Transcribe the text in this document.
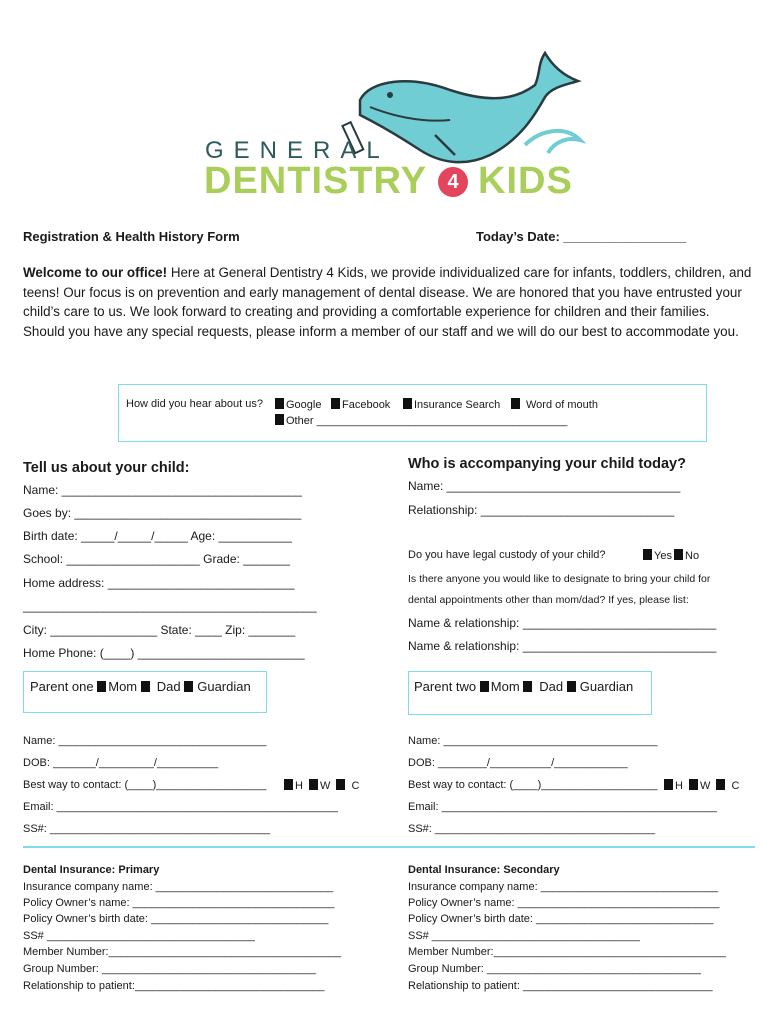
GENERAL
DENTISTRY	4 KIDS
Registration & Health History Form	Today’s Date: _________________
Welcome to our office! Here at General Dentistry 4 Kids, we provide individualized care for infants, toddlers, children, and teens! Our focus is on prevention and early management of dental disease. We are honored that you have entrusted your child’s care to us. We look forward to creating and providing a comfortable experience for children and their families. Should you have any special requests, please inform a member of our staff and we will do our best to accommodate you.
How did you hear about us?	Google	Facebook	Insurance Search	Word of mouth
Other _________________________________________
Tell us about your child:
Name: ____________________________________
Goes by: __________________________________
Birth date: _____/_____/_____ Age: ___________
School: ____________________ Grade: _______
Home address: ____________________________
____________________________________________
City: ________________ State: ____ Zip: _______
Home Phone: (____) _________________________
Who is accompanying your child today?
Name: ___________________________________
Relationship: _____________________________
Do you have legal custody of your child?	Yes	No
Is there anyone you would like to designate to bring your child for
dental appointments other than mom/dad? If yes, please list:
Name & relationship: _____________________________
Name & relationship: _____________________________
Parent one Mom Dad Guardian	Parent two Mom Dad Guardian
Name: __________________________________
DOB: _______/_________/__________
Best way to contact: (____)__________________	H W C
Email: ______________________________________________
SS#: ____________________________________
Name: ___________________________________
DOB: ________/__________/____________
Best way to contact: (____)___________________	H W C
Email: _____________________________________________
SS#: ____________________________________
Dental Insurance: Primary
Insurance company name: _____________________________
Policy Owner’s name: _________________________________
Policy Owner’s birth date: _____________________________
SS# __________________________________
Member Number:______________________________________
Group Number: ___________________________________
Relationship to patient:_______________________________
Dental Insurance: Secondary
Insurance company name: _____________________________
Policy Owner’s name: _________________________________
Policy Owner’s birth date: _____________________________
SS# __________________________________
Member Number:______________________________________
Group Number: ___________________________________
Relationship to patient: _______________________________
